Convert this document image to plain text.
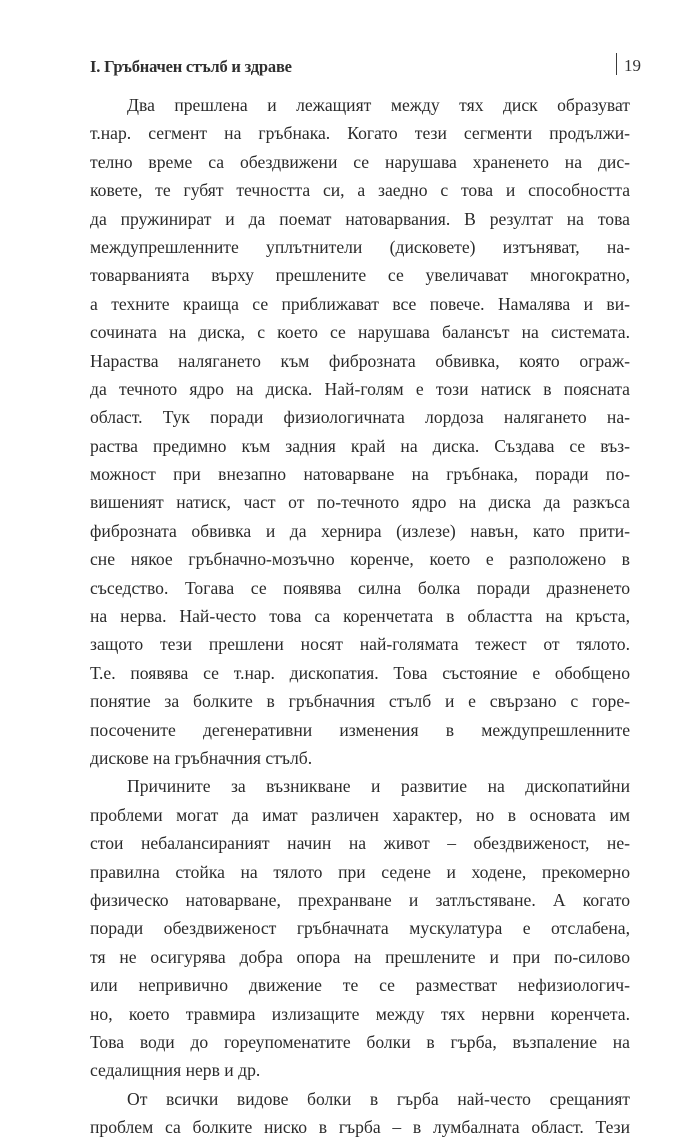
I. Гръбначен стълб и здраве	19
Два прешлена и лежащият между тях диск образуват
т.нар. сегмент на гръбнака. Когато тези сегменти продължи-
телно време са обездвижени се нарушава храненето на дис-
ковете, те губят течността си, а заедно с това и способността
да пружинират и да поемат натоварвания. В резултат на това
междупрешленните уплътнители (дисковете) изтъняват, на-
товарванията върху прешлените се увеличават многократно,
а техните краища се приближават все повече. Намалява и ви-
сочината на диска, с което се нарушава балансът на системата.
Нараства налягането към фиброзната обвивка, която ограж-
да течното ядро на диска. Най-голям е този натиск в поясната
област. Тук поради физиологичната лордоза налягането на-
раства предимно към задния край на диска. Създава се въз-
можност при внезапно натоварване на гръбнака, поради по-
вишеният натиск, част от по-течното ядро на диска да разкъса
фиброзната обвивка и да хернира (излезе) навън, като прити-
сне някое гръбначно-мозъчно коренче, което е разположено в
съседство. Тогава се появява силна болка поради дразненето
на нерва. Най-често това са коренчетата в областта на кръста,
защото тези прешлени носят най-голямата тежест от тялото.
Т.е. появява се т.нар. дископатия. Това състояние е обобщено
понятие за болките в гръбначния стълб и е свързано с горе-
посочените дегенеративни изменения в междупрешленните
дискове на гръбначния стълб.
Причините за възникване и развитие на дископатийни
проблеми могат да имат различен характер, но в основата им
стои небалансираният начин на живот – обездвиженост, не-
правилна стойка на тялото при седене и ходене, прекомерно
физическо натоварване, прехранване и затлъстяване. А когато
поради обездвиженост гръбначната мускулатура е отслабена,
тя не осигурява добра опора на прешлените и при по-силово
или непривично движение те се разместват нефизиологич-
но, което травмира излизащите между тях нервни коренчета.
Това води до гореупоменатите болки в гърба, възпаление на
седалищния нерв и др.
От всички видове болки в гърба най-често срещаният
проблем са болките ниско в гърба – в лумбалната област. Тези
